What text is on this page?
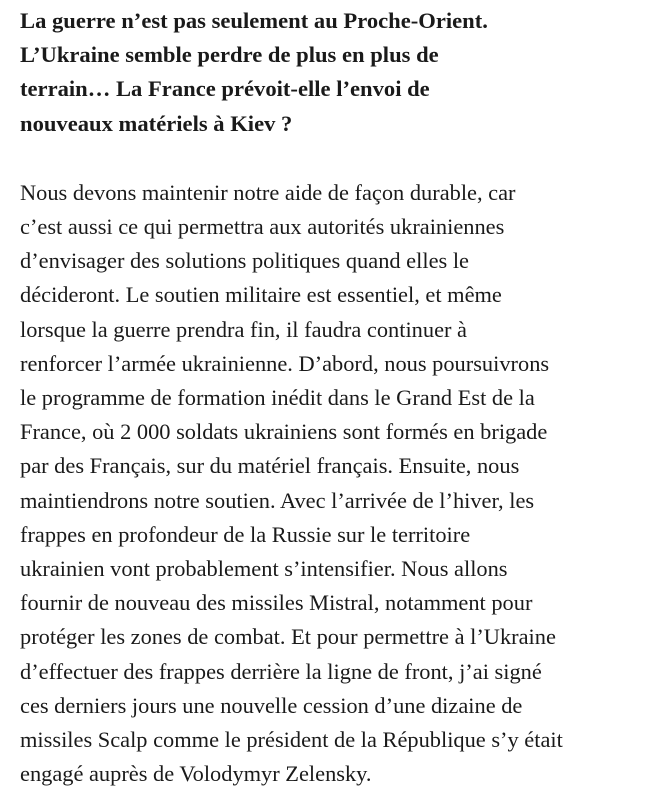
La guerre n’est pas seulement au Proche-Orient.
L’Ukraine semble perdre de plus en plus de
terrain… La France prévoit-elle l’envoi de
nouveaux matériels à Kiev ?

Nous devons maintenir notre aide de façon durable, car
c’est aussi ce qui permettra aux autorités ukrainiennes
d’envisager des solutions politiques quand elles le
décideront. Le soutien militaire est essentiel, et même
lorsque la guerre prendra fin, il faudra continuer à
renforcer l’armée ukrainienne. D’abord, nous poursuivrons
le programme de formation inédit dans le Grand Est de la
France, où 2 000 soldats ukrainiens sont formés en brigade
par des Français, sur du matériel français. Ensuite, nous
maintiendrons notre soutien. Avec l’arrivée de l’hiver, les
frappes en profondeur de la Russie sur le territoire
ukrainien vont probablement s’intensifier. Nous allons
fournir de nouveau des missiles Mistral, notamment pour
protéger les zones de combat. Et pour permettre à l’Ukraine
d’effectuer des frappes derrière la ligne de front, j’ai signé
ces derniers jours une nouvelle cession d’une dizaine de
missiles Scalp comme le président de la République s’y était
engagé auprès de Volodymyr Zelensky.
